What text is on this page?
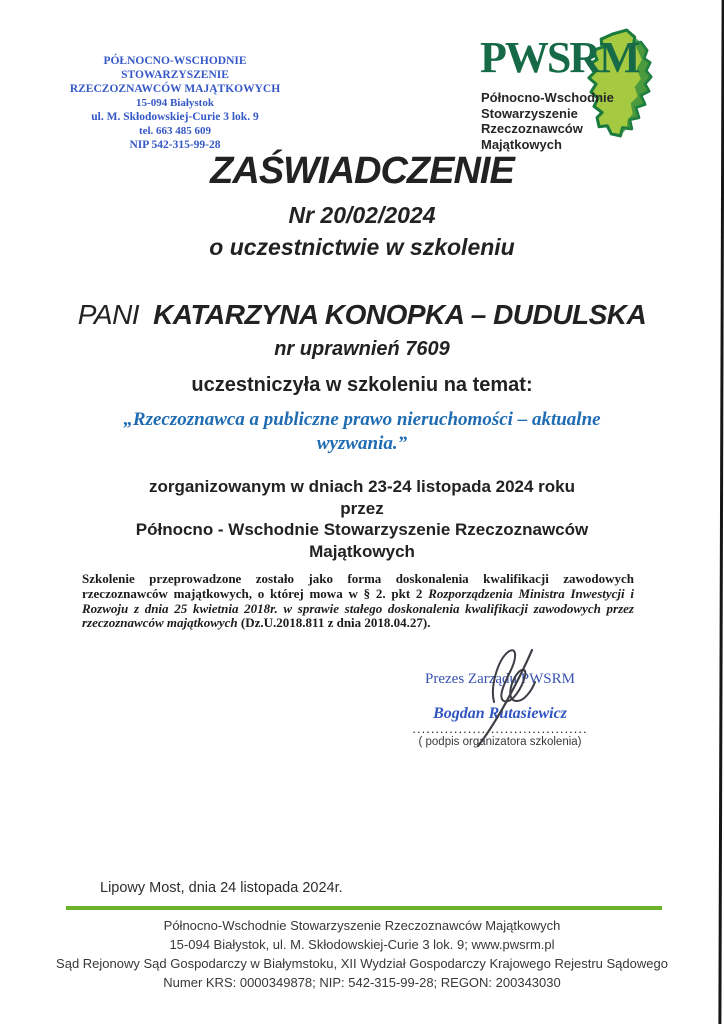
PÓŁNOCNO-WSCHODNIE STOWARZYSZENIE
RZECZOZNAWCÓW MAJĄTKOWYCH
15-094 Białystok
ul. M. Skłodowskiej-Curie 3 lok. 9
tel. 663 485 609
NIP 542-315-99-28
PWSRM
Północno-Wschodnie
Stowarzyszenie
Rzeczoznawców
Majątkowych
ZAŚWIADCZENIE
Nr 20/02/2024
o uczestnictwie w szkoleniu
PANI KATARZYNA KONOPKA – DUDULSKA
nr uprawnień 7609
uczestniczyła w szkoleniu na temat:
„Rzeczoznawca a publiczne prawo nieruchomości – aktualne wyzwania.”
zorganizowanym w dniach 23-24 listopada 2024 roku
przez
Północno - Wschodnie Stowarzyszenie Rzeczoznawców
Majątkowych
Szkolenie przeprowadzone zostało jako forma doskonalenia kwalifikacji zawodowych rzeczoznawców majątkowych, o której mowa w § 2. pkt 2 Rozporządzenia Ministra Inwestycji i Rozwoju z dnia 25 kwietnia 2018r. w sprawie stałego doskonalenia kwalifikacji zawodowych przez rzeczoznawców majątkowych (Dz.U.2018.811 z dnia 2018.04.27).
Prezes Zarządu PWSRM
Bogdan Rutasiewicz
......................................
( podpis organizatora szkolenia)
Lipowy Most, dnia 24 listopada 2024r.
Północno-Wschodnie Stowarzyszenie Rzeczoznawców Majątkowych
15-094 Białystok, ul. M. Skłodowskiej-Curie 3 lok. 9; www.pwsrm.pl
Sąd Rejonowy Sąd Gospodarczy w Białymstoku, XII Wydział Gospodarczy Krajowego Rejestru Sądowego
Numer KRS: 0000349878; NIP: 542-315-99-28; REGON: 200343030
